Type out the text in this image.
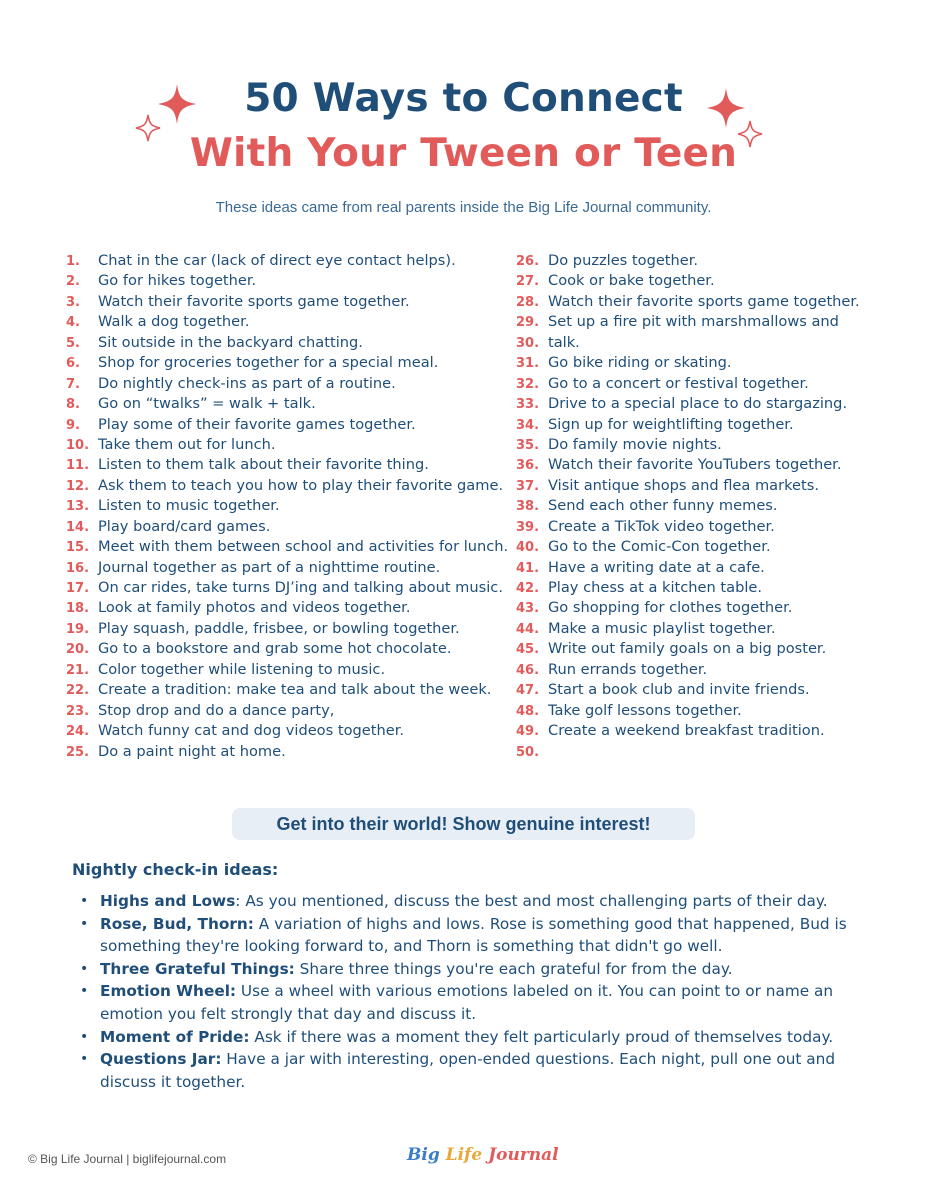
50 Ways to Connect
With Your Tween or Teen
These ideas came from real parents inside the Big Life Journal community.
1. Chat in the car (lack of direct eye contact helps).
2. Go for hikes together.
3. Watch their favorite sports game together.
4. Walk a dog together.
5. Sit outside in the backyard chatting.
6. Shop for groceries together for a special meal.
7. Do nightly check-ins as part of a routine.
8. Go on “twalks” = walk + talk.
9. Play some of their favorite games together.
10. Take them out for lunch.
11. Listen to them talk about their favorite thing.
12. Ask them to teach you how to play their favorite game.
13. Listen to music together.
14. Play board/card games.
15. Meet with them between school and activities for lunch.
16. Journal together as part of a nighttime routine.
17. On car rides, take turns DJ’ing and talking about music.
18. Look at family photos and videos together.
19. Play squash, paddle, frisbee, or bowling together.
20. Go to a bookstore and grab some hot chocolate.
21. Color together while listening to music.
22. Create a tradition: make tea and talk about the week.
23. Stop drop and do a dance party,
24. Watch funny cat and dog videos together.
25. Do a paint night at home.
26. Do puzzles together.
27. Cook or bake together.
28. Watch their favorite sports game together.
29. Set up a fire pit with marshmallows and
30. talk.
31. Go bike riding or skating.
32. Go to a concert or festival together.
33. Drive to a special place to do stargazing.
34. Sign up for weightlifting together.
35. Do family movie nights.
36. Watch their favorite YouTubers together.
37. Visit antique shops and flea markets.
38. Send each other funny memes.
39. Create a TikTok video together.
40. Go to the Comic-Con together.
41. Have a writing date at a cafe.
42. Play chess at a kitchen table.
43. Go shopping for clothes together.
44. Make a music playlist together.
45. Write out family goals on a big poster.
46. Run errands together.
47. Start a book club and invite friends.
48. Take golf lessons together.
49. Create a weekend breakfast tradition.
50.
Get into their world! Show genuine interest!
Nightly check-in ideas:
• Highs and Lows: As you mentioned, discuss the best and most challenging parts of their day.
• Rose, Bud, Thorn: A variation of highs and lows. Rose is something good that happened, Bud is something they're looking forward to, and Thorn is something that didn't go well.
• Three Grateful Things: Share three things you're each grateful for from the day.
• Emotion Wheel: Use a wheel with various emotions labeled on it. You can point to or name an emotion you felt strongly that day and discuss it.
• Moment of Pride: Ask if there was a moment they felt particularly proud of themselves today.
• Questions Jar: Have a jar with interesting, open-ended questions. Each night, pull one out and discuss it together.
© Big Life Journal | biglifejournal.com	Big Life Journal
